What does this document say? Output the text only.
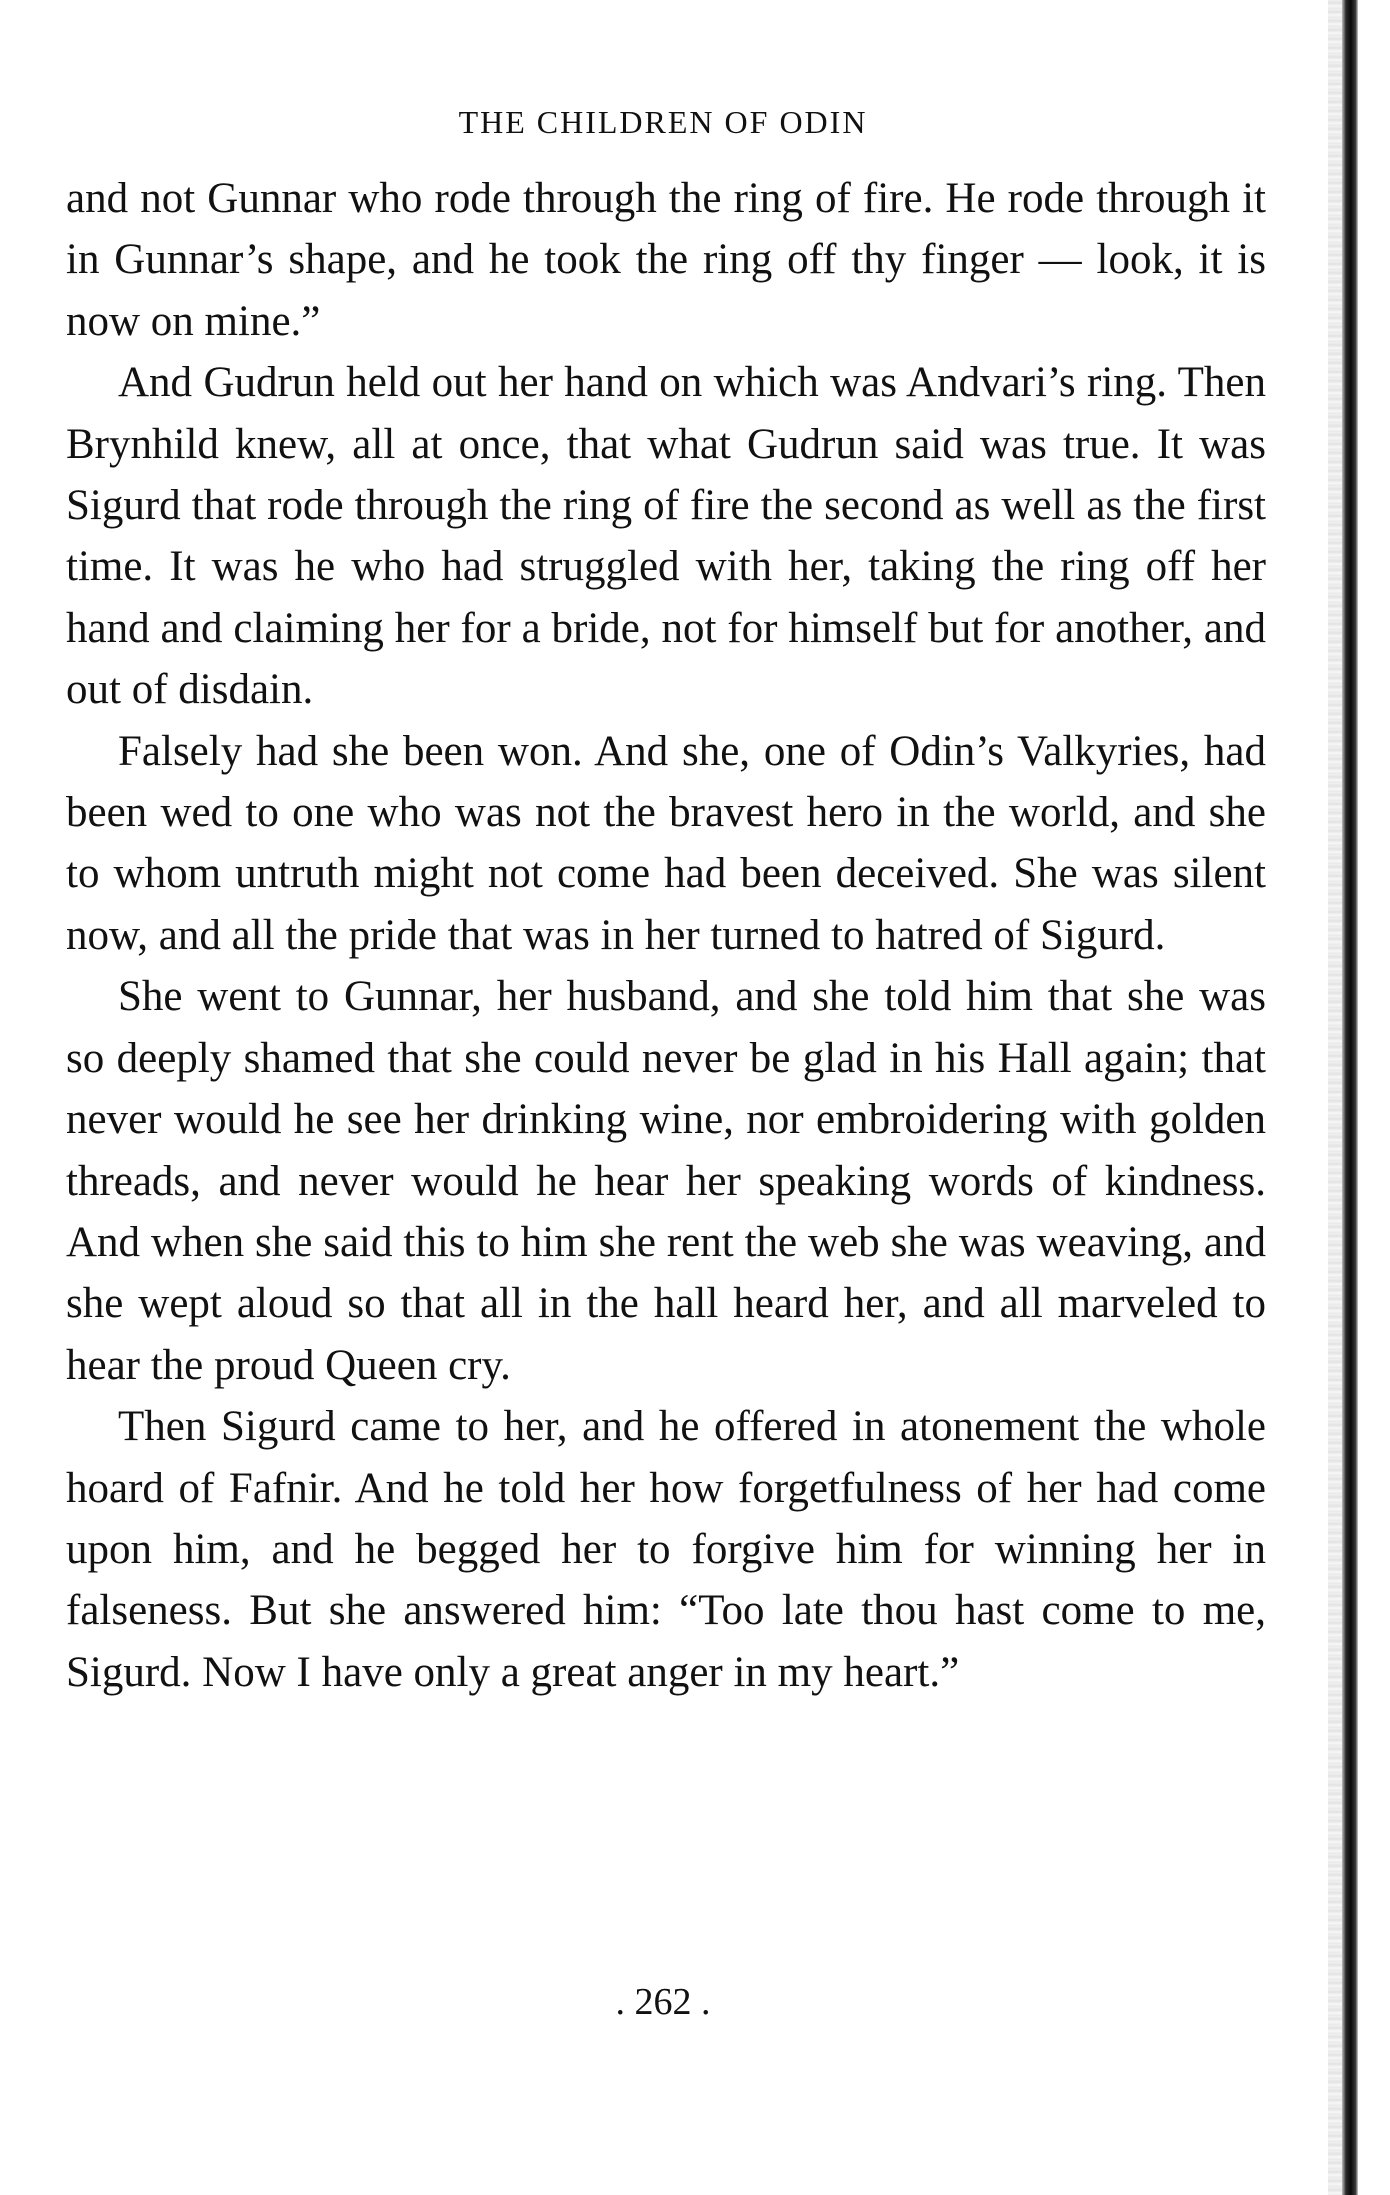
THE CHILDREN OF ODIN

and not Gunnar who rode through the ring of fire. He rode through it in Gunnar’s shape, and he took the ring off thy finger — look, it is now on mine.”

And Gudrun held out her hand on which was Andvari’s ring. Then Brynhild knew, all at once, that what Gudrun said was true. It was Sigurd that rode through the ring of fire the second as well as the first time. It was he who had struggled with her, taking the ring off her hand and claiming her for a bride, not for himself but for another, and out of disdain.

Falsely had she been won. And she, one of Odin’s Valkyries, had been wed to one who was not the bravest hero in the world, and she to whom untruth might not come had been deceived. She was silent now, and all the pride that was in her turned to hatred of Sigurd.

She went to Gunnar, her husband, and she told him that she was so deeply shamed that she could never be glad in his Hall again; that never would he see her drinking wine, nor embroidering with golden threads, and never would he hear her speaking words of kindness. And when she said this to him she rent the web she was weaving, and she wept aloud so that all in the hall heard her, and all marveled to hear the proud Queen cry.

Then Sigurd came to her, and he offered in atonement the whole hoard of Fafnir. And he told her how forgetfulness of her had come upon him, and he begged her to forgive him for winning her in falseness. But she answered him: “Too late thou hast come to me, Sigurd. Now I have only a great anger in my heart.”

. 262 .
